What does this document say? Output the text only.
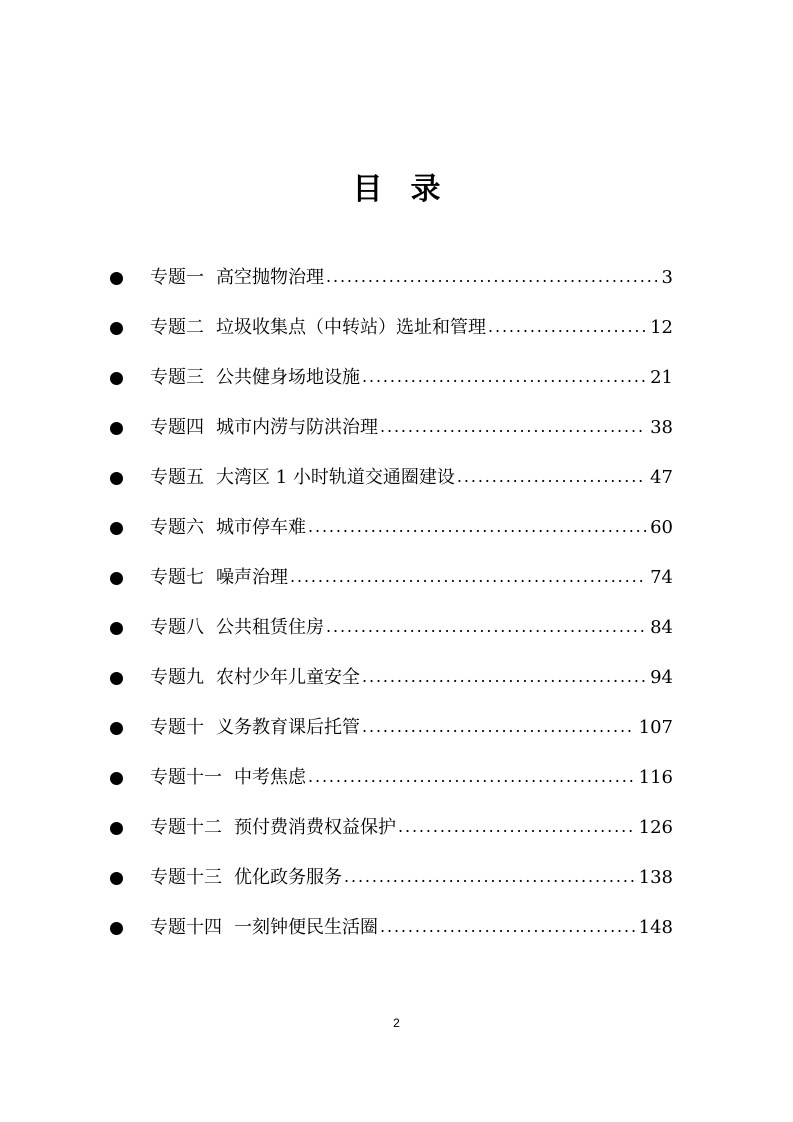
目录
专题一 高空抛物治理 . . .	3
专题二 垃圾收集点（中转站）选址和管理 . . .	12
专题三 公共健身场地设施 . . .	21
专题四 城市内涝与防洪治理 . . .	38
专题五 大湾区 1 小时轨道交通圈建设 . . .	47
专题六 城市停车难 . . .	60
专题七 噪声治理 . . .	74
专题八 公共租赁住房 . . .	84
专题九 农村少年儿童安全 . . .	94
专题十 义务教育课后托管 . . .	107
专题十一 中考焦虑 . . .	116
专题十二 预付费消费权益保护 . . .	126
专题十三 优化政务服务 . . .	138
专题十四 一刻钟便民生活圈 . . .	148
2
